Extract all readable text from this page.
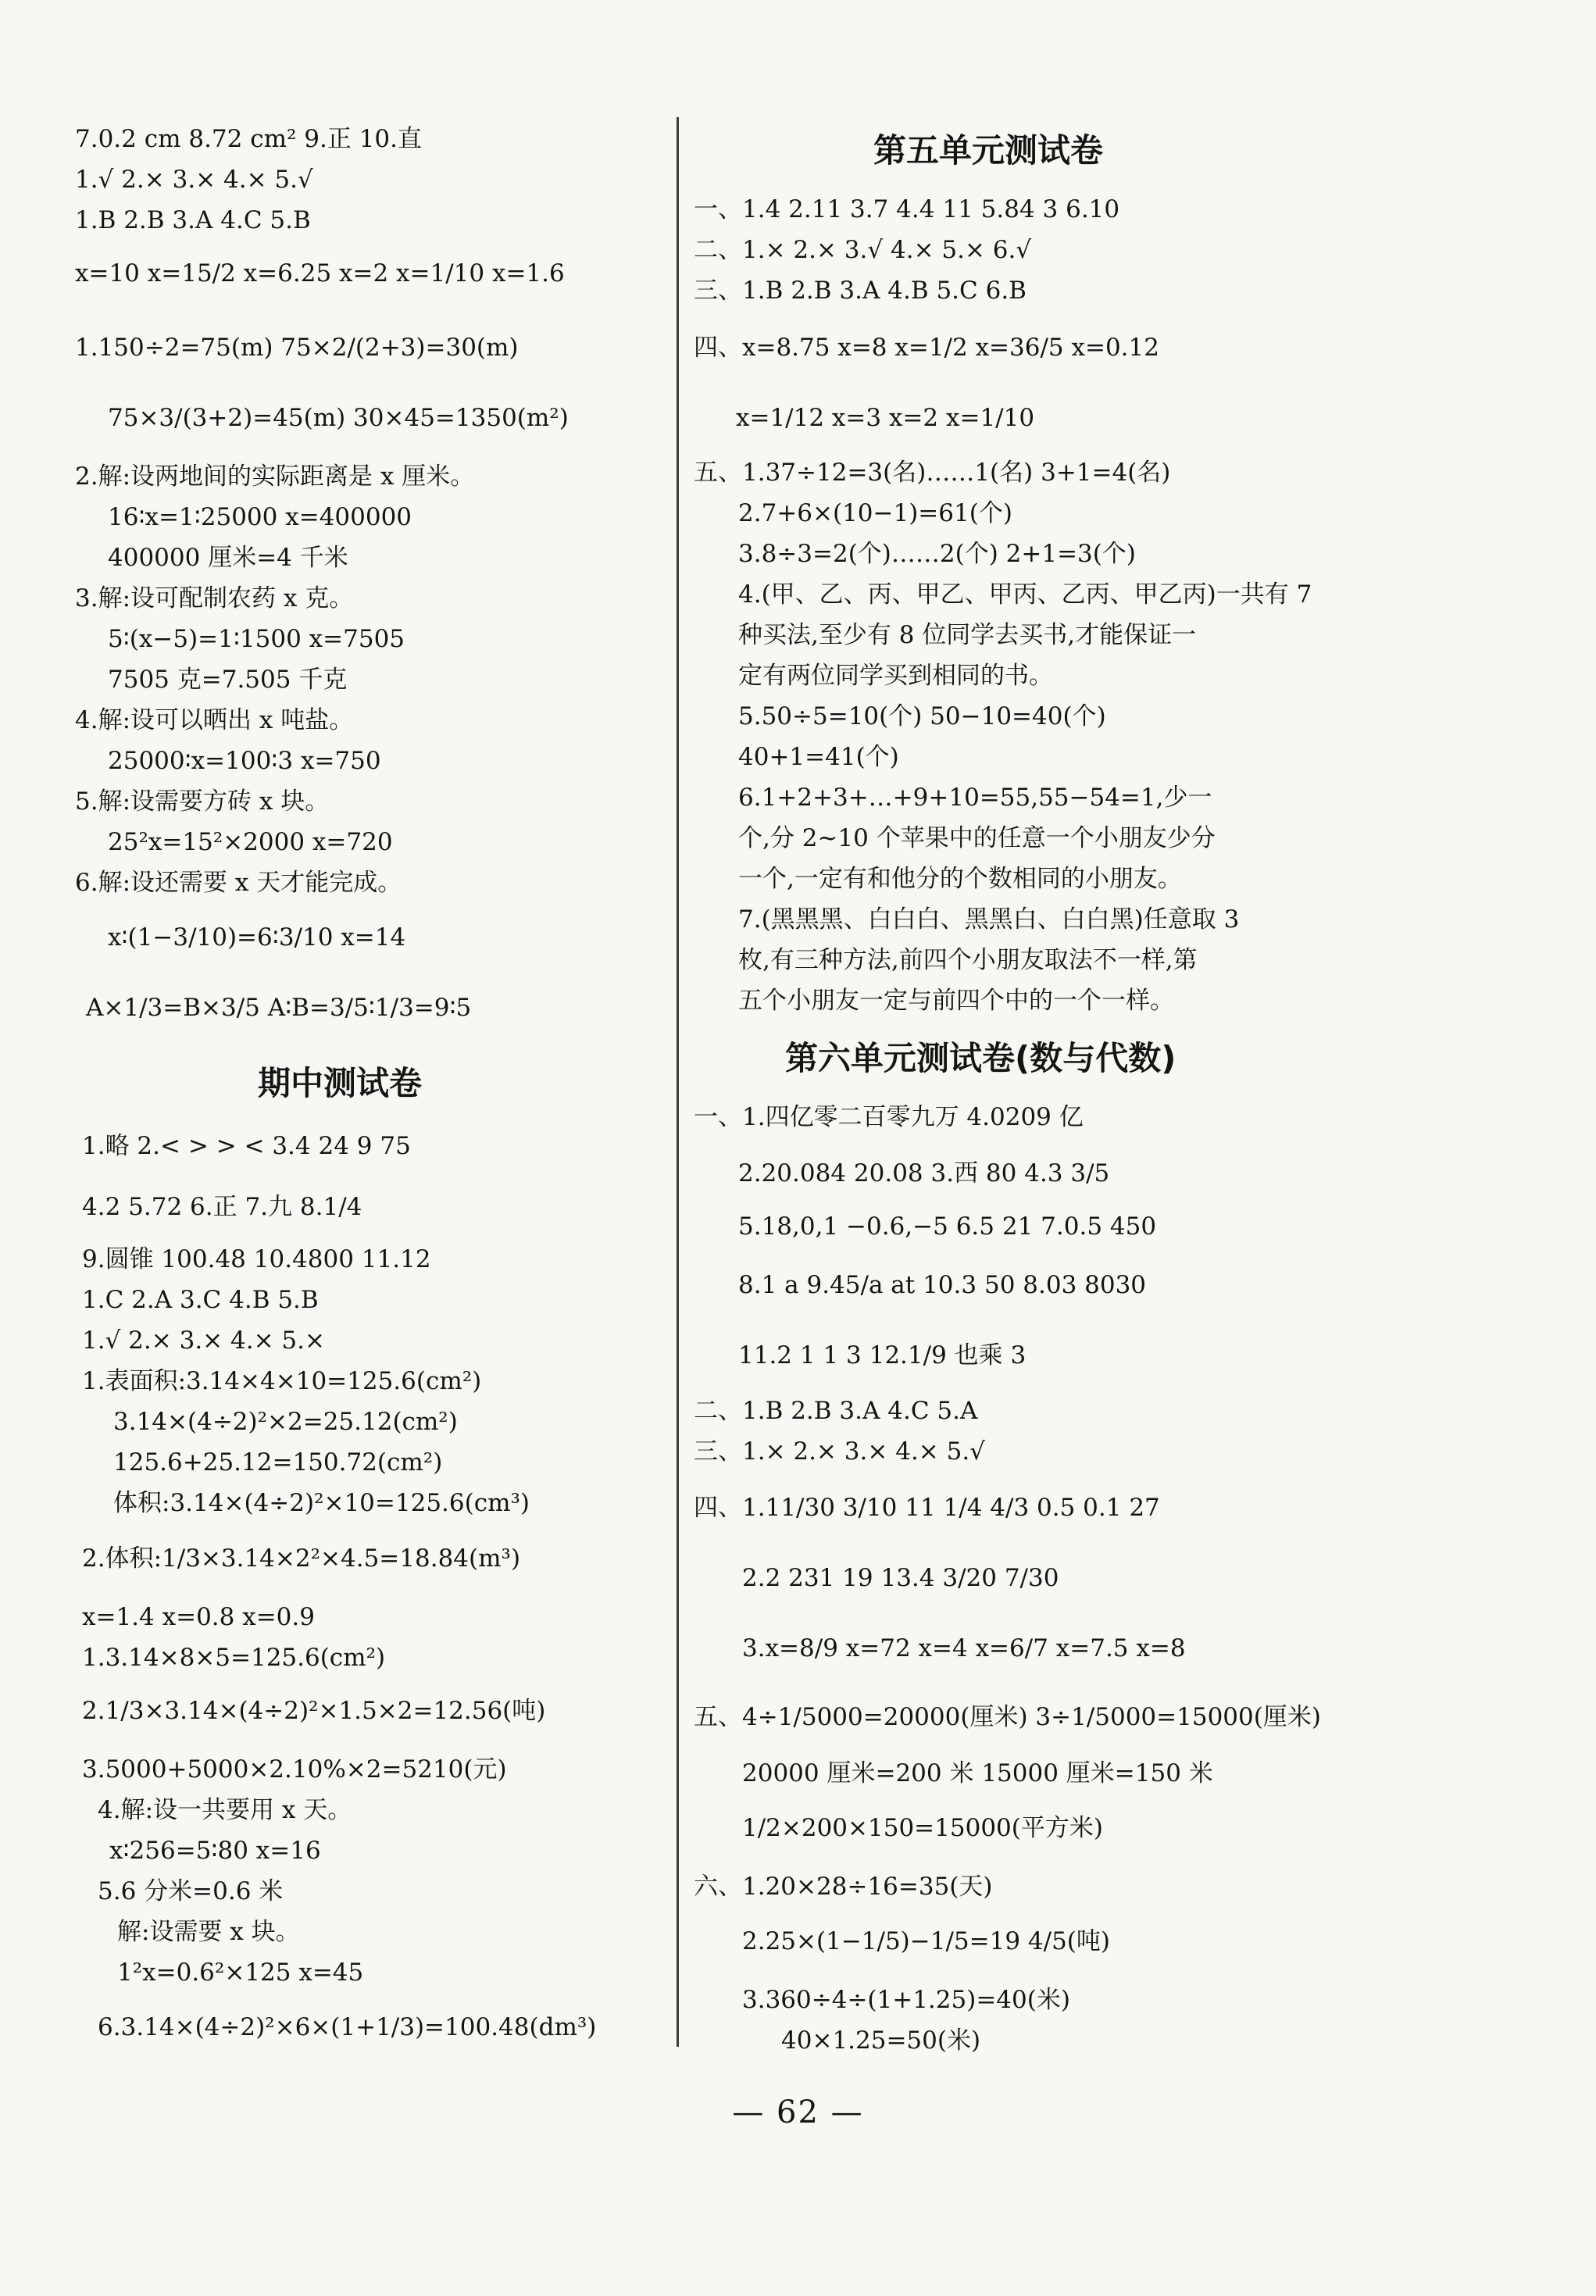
7.0.2 cm 8.72 cm² 9.正 10.直
1.√ 2.× 3.× 4.× 5.√
1.B 2.B 3.A 4.C 5.B
x=10 x=15/2 x=6.25 x=2 x=1/10 x=1.6
1.150÷2=75(m) 75×2/(2+3)=30(m)
75×3/(3+2)=45(m) 30×45=1350(m²)
2.解:设两地间的实际距离是 x 厘米。
16∶x=1∶25000 x=400000
400000 厘米=4 千米
3.解:设可配制农药 x 克。
5∶(x−5)=1∶1500 x=7505
7505 克=7.505 千克
4.解:设可以晒出 x 吨盐。
25000∶x=100∶3 x=750
5.解:设需要方砖 x 块。
25²x=15²×2000 x=720
6.解:设还需要 x 天才能完成。
x∶(1−3/10)=6∶3/10 x=14
A×1/3=B×3/5 A∶B=3/5∶1/3=9∶5
期中测试卷
1.略 2.< > > < 3.4 24 9 75
4.2 5.72 6.正 7.九 8.1/4
9.圆锥 100.48 10.4800 11.12
1.C 2.A 3.C 4.B 5.B
1.√ 2.× 3.× 4.× 5.×
1.表面积:3.14×4×10=125.6(cm²)
3.14×(4÷2)²×2=25.12(cm²)
125.6+25.12=150.72(cm²)
体积:3.14×(4÷2)²×10=125.6(cm³)
2.体积:1/3×3.14×2²×4.5=18.84(m³)
x=1.4 x=0.8 x=0.9
1.3.14×8×5=125.6(cm²)
2.1/3×3.14×(4÷2)²×1.5×2=12.56(吨)
3.5000+5000×2.10%×2=5210(元)
4.解:设一共要用 x 天。
x∶256=5∶80 x=16
5.6 分米=0.6 米
解:设需要 x 块。
1²x=0.6²×125 x=45
6.3.14×(4÷2)²×6×(1+1/3)=100.48(dm³)
第五单元测试卷
一、1.4 2.11 3.7 4.4 11 5.84 3 6.10
二、1.× 2.× 3.√ 4.× 5.× 6.√
三、1.B 2.B 3.A 4.B 5.C 6.B
四、x=8.75 x=8 x=1/2 x=36/5 x=0.12
x=1/12 x=3 x=2 x=1/10
五、1.37÷12=3(名)……1(名) 3+1=4(名)
2.7+6×(10−1)=61(个)
3.8÷3=2(个)……2(个) 2+1=3(个)
4.(甲、乙、丙、甲乙、甲丙、乙丙、甲乙丙)一共有 7
种买法,至少有 8 位同学去买书,才能保证一
定有两位同学买到相同的书。
5.50÷5=10(个) 50−10=40(个)
40+1=41(个)
6.1+2+3+…+9+10=55,55−54=1,少一
个,分 2~10 个苹果中的任意一个小朋友少分
一个,一定有和他分的个数相同的小朋友。
7.(黑黑黑、白白白、黑黑白、白白黑)任意取 3
枚,有三种方法,前四个小朋友取法不一样,第
五个小朋友一定与前四个中的一个一样。
第六单元测试卷(数与代数)
一、1.四亿零二百零九万 4.0209 亿
2.20.084 20.08 3.西 80 4.3 3/5
5.18,0,1 −0.6,−5 6.5 21 7.0.5 450
8.1 a 9.45/a at 10.3 50 8.03 8030
11.2 1 1 3 12.1/9 也乘 3
二、1.B 2.B 3.A 4.C 5.A
三、1.× 2.× 3.× 4.× 5.√
四、1.11/30 3/10 11 1/4 4/3 0.5 0.1 27
2.2 231 19 13.4 3/20 7/30
3.x=8/9 x=72 x=4 x=6/7 x=7.5 x=8
五、4÷1/5000=20000(厘米) 3÷1/5000=15000(厘米)
20000 厘米=200 米 15000 厘米=150 米
1/2×200×150=15000(平方米)
六、1.20×28÷16=35(天)
2.25×(1−1/5)−1/5=19 4/5(吨)
3.360÷4÷(1+1.25)=40(米)
40×1.25=50(米)
— 62 —
